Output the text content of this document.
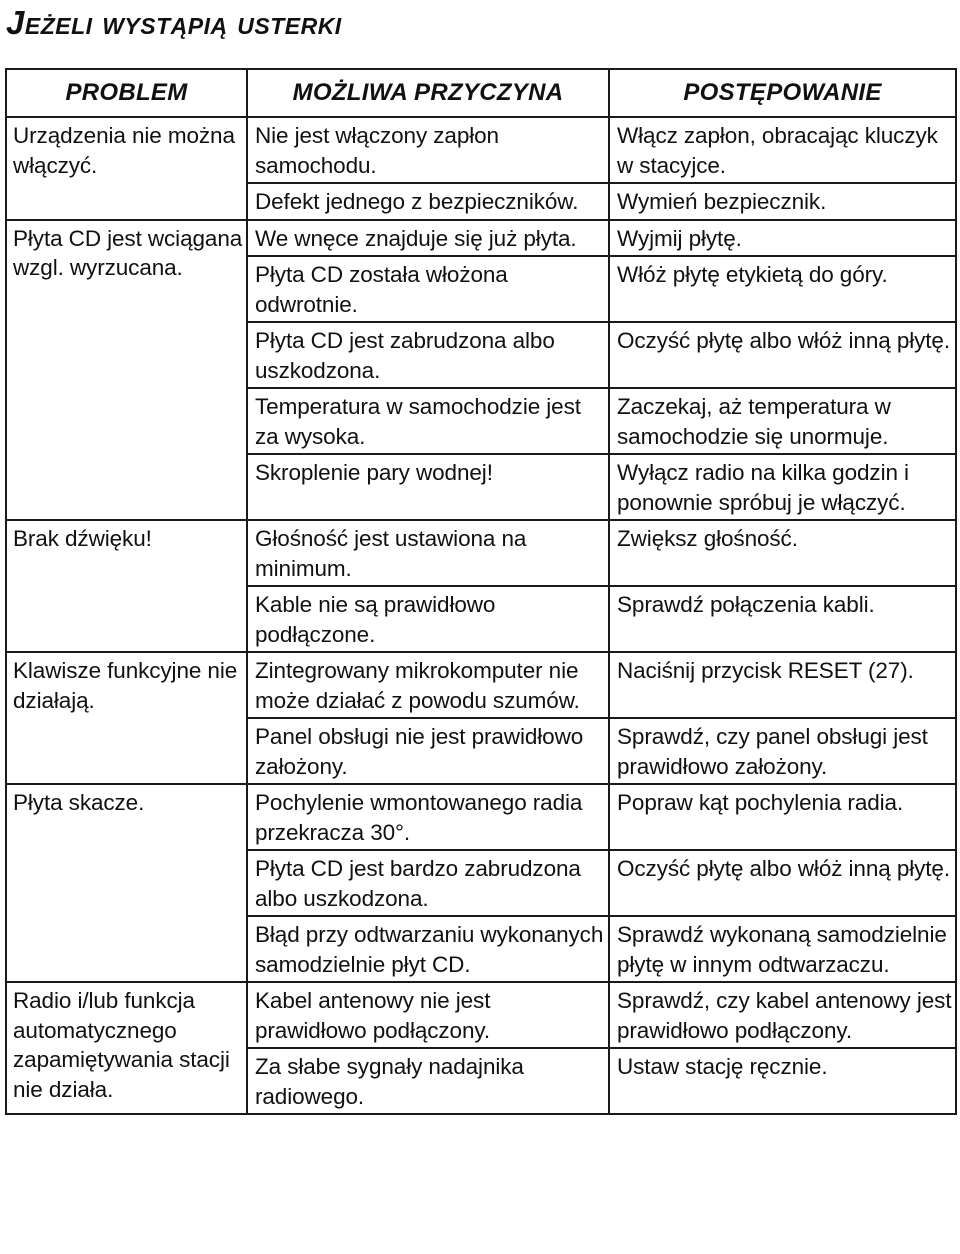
Jeżeli wystąpią usterki
PROBLEM	MOŻLIWA PRZYCZYNA	POSTĘPOWANIE
Urządzenia nie można włączyć.	Nie jest włączony zapłon samochodu.	Włącz zapłon, obracając kluczyk w stacyjce.
	Defekt jednego z bezpieczników.	Wymień bezpiecznik.
Płyta CD jest wciągana wzgl. wyrzucana.	We wnęce znajduje się już płyta.	Wyjmij płytę.
	Płyta CD została włożona odwrotnie.	Włóż płytę etykietą do góry.
	Płyta CD jest zabrudzona albo uszkodzona.	Oczyść płytę albo włóż inną płytę.
	Temperatura w samochodzie jest za wysoka.	Zaczekaj, aż temperatura w samochodzie się unormuje.
	Skroplenie pary wodnej!	Wyłącz radio na kilka godzin i ponownie spróbuj je włączyć.
Brak dźwięku!	Głośność jest ustawiona na minimum.	Zwiększ głośność.
	Kable nie są prawidłowo podłączone.	Sprawdź połączenia kabli.
Klawisze funkcyjne nie działają.	Zintegrowany mikrokomputer nie może działać z powodu szumów.	Naciśnij przycisk RESET (27).
	Panel obsługi nie jest prawidłowo założony.	Sprawdź, czy panel obsługi jest prawidłowo założony.
Płyta skacze.	Pochylenie wmontowanego radia przekracza 30°.	Popraw kąt pochylenia radia.
	Płyta CD jest bardzo zabrudzona albo uszkodzona.	Oczyść płytę albo włóż inną płytę.
	Błąd przy odtwarzaniu wykonanych samodzielnie płyt CD.	Sprawdź wykonaną samodzielnie płytę w innym odtwarzaczu.
Radio i/lub funkcja automatycznego zapamiętywania stacji nie działa.	Kabel antenowy nie jest prawidłowo podłączony.	Sprawdź, czy kabel antenowy jest prawidłowo podłączony.
	Za słabe sygnały nadajnika radiowego.	Ustaw stację ręcznie.
